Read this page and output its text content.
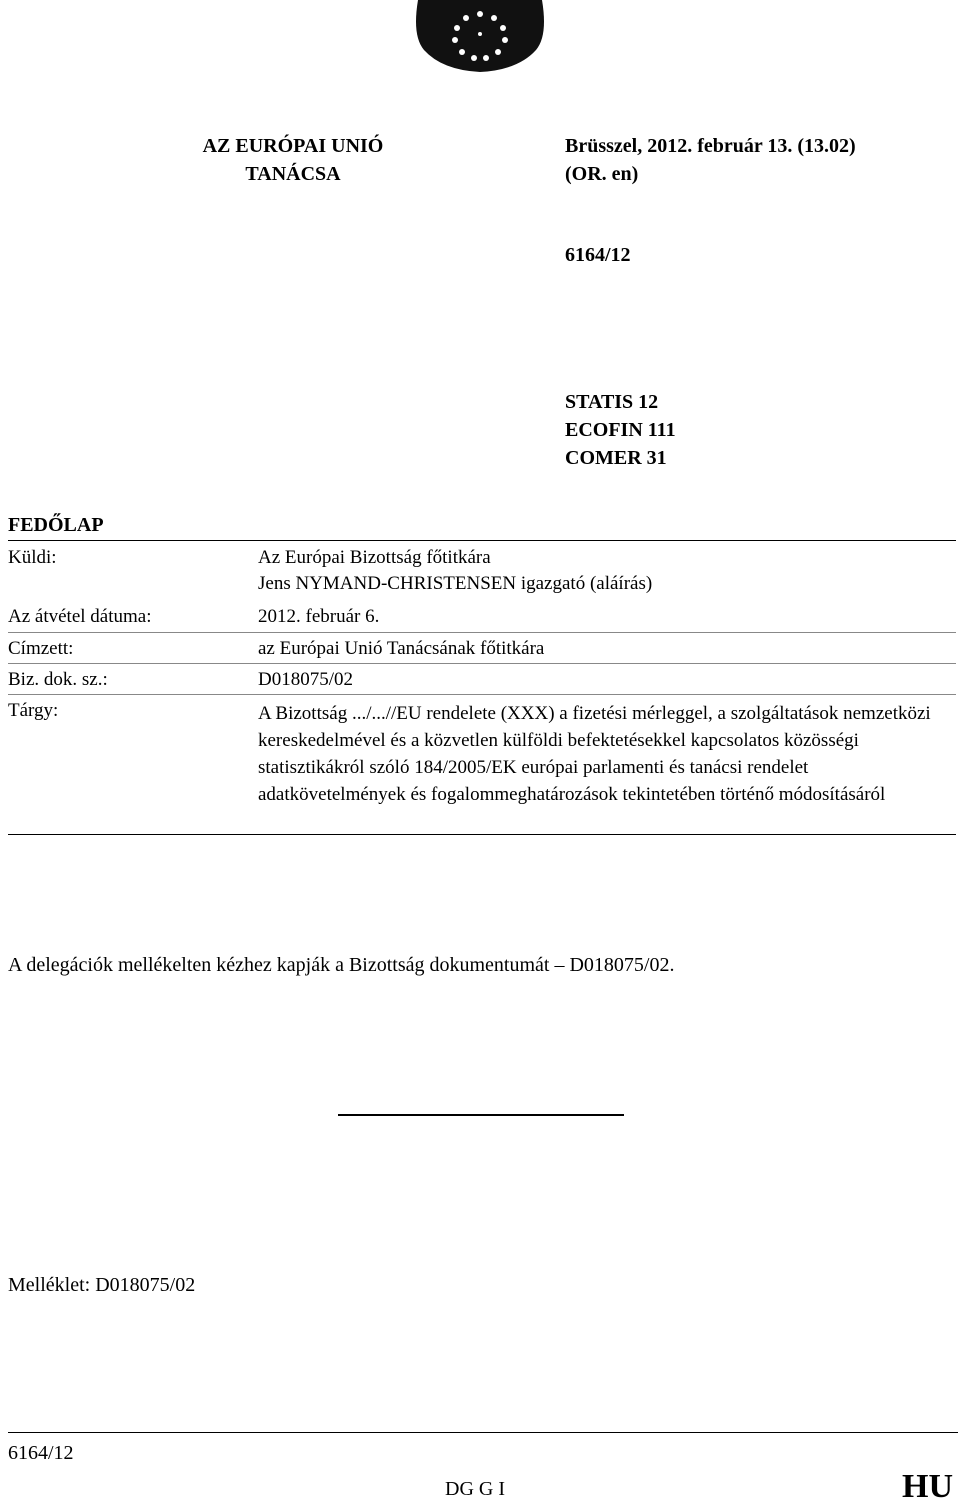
AZ EURÓPAI UNIÓ
TANÁCSA
Brüsszel, 2012. február 13. (13.02)
(OR. en)
6164/12
STATIS 12
ECOFIN 111
COMER 31
FEDŐLAP
Küldi:	Az Európai Bizottság főtitkára
Jens NYMAND-CHRISTENSEN igazgató (aláírás)
Az átvétel dátuma:	2012. február 6.
Címzett:	az Európai Unió Tanácsának főtitkára
Biz. dok. sz.:	D018075/02
Tárgy:	A Bizottság .../...//EU rendelete (XXX) a fizetési mérleggel, a szolgáltatások nemzetközi kereskedelmével és a közvetlen külföldi befektetésekkel kapcsolatos közösségi statisztikákról szóló 184/2005/EK európai parlamenti és tanácsi rendelet adatkövetelmények és fogalommeghatározások tekintetében történő módosításáról
A delegációk mellékelten kézhez kapják a Bizottság dokumentumát – D018075/02.
Melléklet: D018075/02
6164/12
DG G I	HU
